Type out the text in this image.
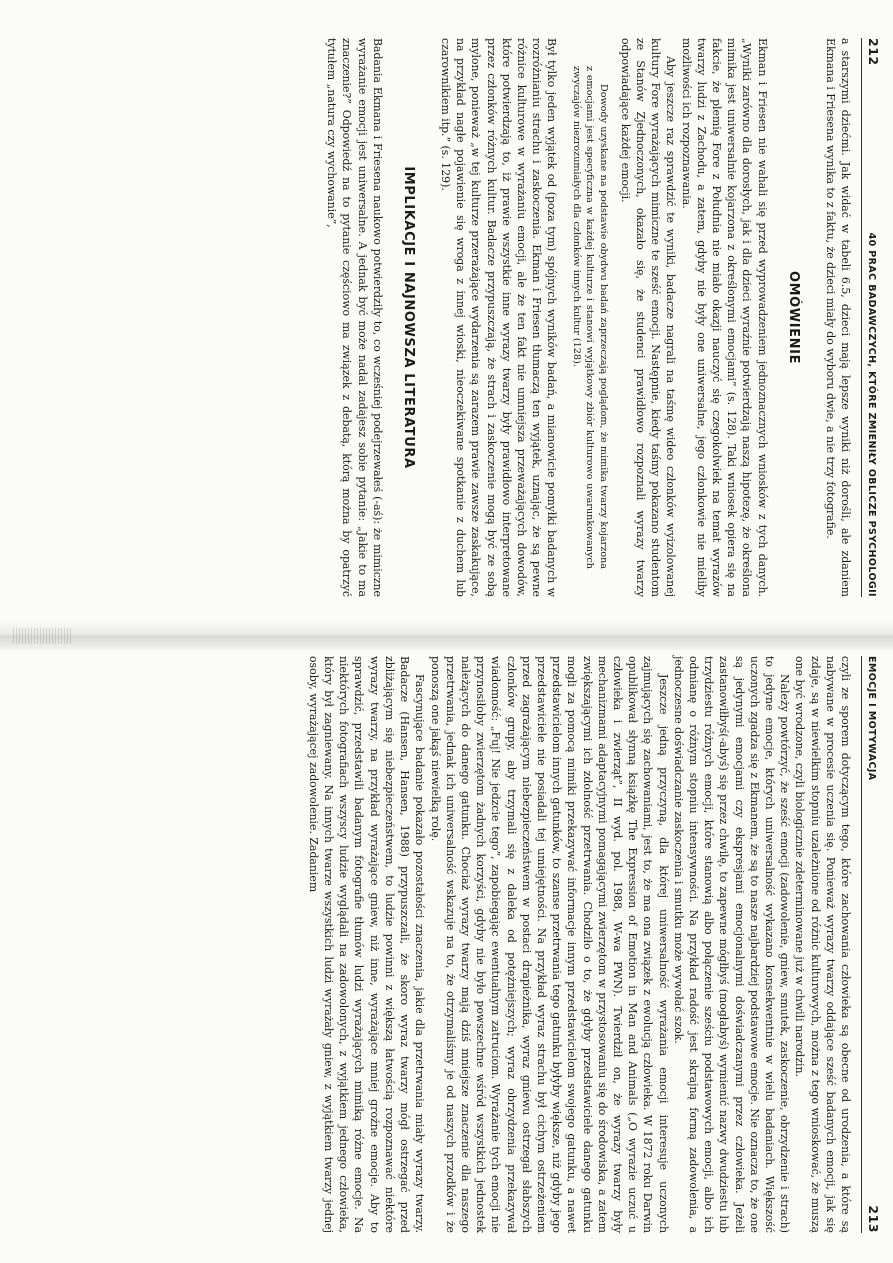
212
40 PRAC BADAWCZYCH, KTÓRE ZMIENIŁY OBLICZE PSYCHOLOGII

a starszymi dziećmi. Jak widać w tabeli 6.5, dzieci mają lepsze wyniki niż dorośli, ale zdaniem Ekmana i Friesena wynika to z faktu, że dzieci miały do wyboru dwie, a nie trzy fotografie.

OMÓWIENIE

Ekman i Friesen nie wahali się przed wyprowadzeniem jednoznacznych wniosków z tych danych. „Wyniki zarówno dla dorosłych, jak i dla dzieci wyraźnie potwierdzają naszą hipotezę, że określona mimika jest uniwersalnie kojarzona z określonymi emocjami” (s. 128). Taki wniosek opiera się na fakcie, że plemię Fore z Południa nie miało okazji nauczyć się czegokolwiek na temat wyrazów twarzy ludzi z Zachodu, a zatem, gdyby nie były one uniwersalne, jego członkowie nie mieliby możliwości ich rozpoznawania.

Aby jeszcze raz sprawdzić te wyniki, badacze nagrali na taśmę wideo członków wyizolowanej kultury Fore wyrażających mimiczne te sześć emocji. Następnie, kiedy taśmy pokazano studentom ze Stanów Zjednoczonych, okazało się, że studenci prawidłowo rozpoznali wyrazy twarzy odpowiadające każdej emocji.

Dowody uzyskane na podstawie obydwu badań zaprzeczają poglądom, że mimika twarzy kojarzona z emocjami jest specyficzna w każdej kulturze i stanowi wyjątkowy zbiór kulturowo uwarunkowanych zwyczajów niezrozumiałych dla członków innych kultur (128).

Był tylko jeden wyjątek od (poza tym) spójnych wyników badań, a mianowicie pomyłki badanych w rozróżnianiu strachu i zaskoczenia. Ekman i Friesen tłumaczą ten wyjątek, uznając, że są pewne różnice kulturowe w wyrażaniu emocji, ale że ten fakt nie umniejsza przeważających dowodów, które potwierdzają to, iż prawie wszystkie inne wyrazy twarzy były prawidłowo interpretowane przez członków różnych kultur. Badacze przypuszczają, że strach i zaskoczenie mogą być ze sobą mylone, ponieważ „w tej kulturze przerażające wydarzenia są zarazem prawie zawsze zaskakujące, na przykład nagłe pojawienie się wroga z innej wioski, nieoczekiwane spotkanie z duchem lub czarownikiem itp.” (s. 129).

IMPLIKACJE I NAJNOWSZA LITERATURA

Badania Ekmana i Friesena naukowo potwierdziły to, co wcześniej podejrzewałeś (-aś): że mimiczne wyrażanie emocji jest uniwersalne. A jednak być może nadal zadajesz sobie pytanie: „Jakie to ma znaczenie?” Odpowiedź na to pytanie częściowo ma związek z debatą, którą można by opatrzyć tytułem „natura czy wychowanie”,

EMOCJE I MOTYWACJA
213

czyli ze sporem dotyczącym tego, które zachowania człowieka są obecne od urodzenia, a które są nabywane w procesie uczenia się. Ponieważ wyrazy twarzy oddające sześć badanych emocji, jak się zdaje, są w niewielkim stopniu uzależnione od różnic kulturowych, można z tego wnioskować, że muszą one być wrodzone, czyli biologicznie zdeterminowane już w chwili narodzin.

Należy powtórzyć, że sześć emocji (zadowolenie, gniew, smutek, zaskoczenie, obrzydzenie i strach) to jedyne emocje, których uniwersalność wykazano konsekwentnie w wielu badaniach. Większość uczonych zgadza się z Ekmanem, że są to nasze najbardziej podstawowe emocje. Nie oznacza to, że one są jedynymi emocjami czy ekspresjami emocjonalnymi doświadczanymi przez człowieka. Jeżeli zastanowiłbyś(-abyś) się przez chwilę, to zapewne mógłbyś (mogłabyś) wymienić nazwy dwudziestu lub trzydziestu różnych emocji, które stanowią albo połączenie sześciu podstawowych emocji, albo ich odmianę o różnym stopniu intensywności. Na przykład radość jest skrajną formą zadowolenia, a jednoczesne doświadczanie zaskoczenia i smutku może wywołać szok.

Jeszcze jedną przyczyną, dla której uniwersalność wyrażania emocji interesuje uczonych zajmujących się zachowaniami, jest to, że ma ona związek z ewolucją człowieka. W 1872 roku Darwin opublikował słynną książkę The Expression of Emotion in Man and Animals („O wyrazie uczuć u człowieka i zwierząt”, II wyd. pol. 1988, W-wa PWN). Twierdził on, że wyrazy twarzy były mechanizmami adaptacyjnymi pomagającymi zwierzętom w przystosowaniu się do środowiska, a zatem zwiększającymi ich zdolność przetrwania. Chodziło o to, że gdyby przedstawiciele danego gatunku mogli za pomocą mimiki przekazywać informacje innym przedstawicielom swojego gatunku, a nawet przedstawicielom innych gatunków, to szanse przetrwania tego gatunku byłyby większe, niż gdyby jego przedstawiciele nie posiadali tej umiejętności. Na przykład wyraz strachu był cichym ostrzeżeniem przed zagrażającym niebezpieczeństwem w postaci drapieżnika, wyraz gniewu ostrzegał słabszych członków grupy, aby trzymali się z daleka od potężniejszych; wyraz obrzydzenia przekazywał wiadomość: „Fuj! Nie jedzcie tego”, zapobiegając ewentualnym zatruciom. Wyrażanie tych emocji nie przynosiłoby zwierzętom żadnych korzyści, gdyby nie było powszechne wśród wszystkich jednostek należących do danego gatunku. Chociaż wyrazy twarzy mają dziś mniejsze znaczenie dla naszego przetrwania, jednak ich uniwersalność wskazuje na to, że otrzymaliśmy je od naszych przodków i że ponoszą one jakąś niewielką rolę.

Fascynujące badanie pokazało pozostałości znaczenia, jakie dla przetrwania miały wyrazy twarzy. Badacze (Hansen, Hansen, 1988) przypuszczali, że skoro wyraz twarzy mógł ostrzegać przed zbliżającym się niebezpieczeństwem, to ludzie powinni z większą łatwością rozpoznawać niektóre wyrazy twarzy, na przykład wyrażające gniew, niż inne, wyrażające mniej groźne emocje. Aby to sprawdzić, przedstawili badanym fotografie tłumów ludzi wyrażających mimiką różne emocje. Na niektórych fotografiach wszyscy ludzie wyglądali na zadowolonych, z wyjątkiem jednego człowieka, który był zagniewany. Na innych twarze wszystkich ludzi wyrażały gniew, z wyjątkiem twarzy jednej osoby, wyrażającej zadowolenie. Zadaniem
